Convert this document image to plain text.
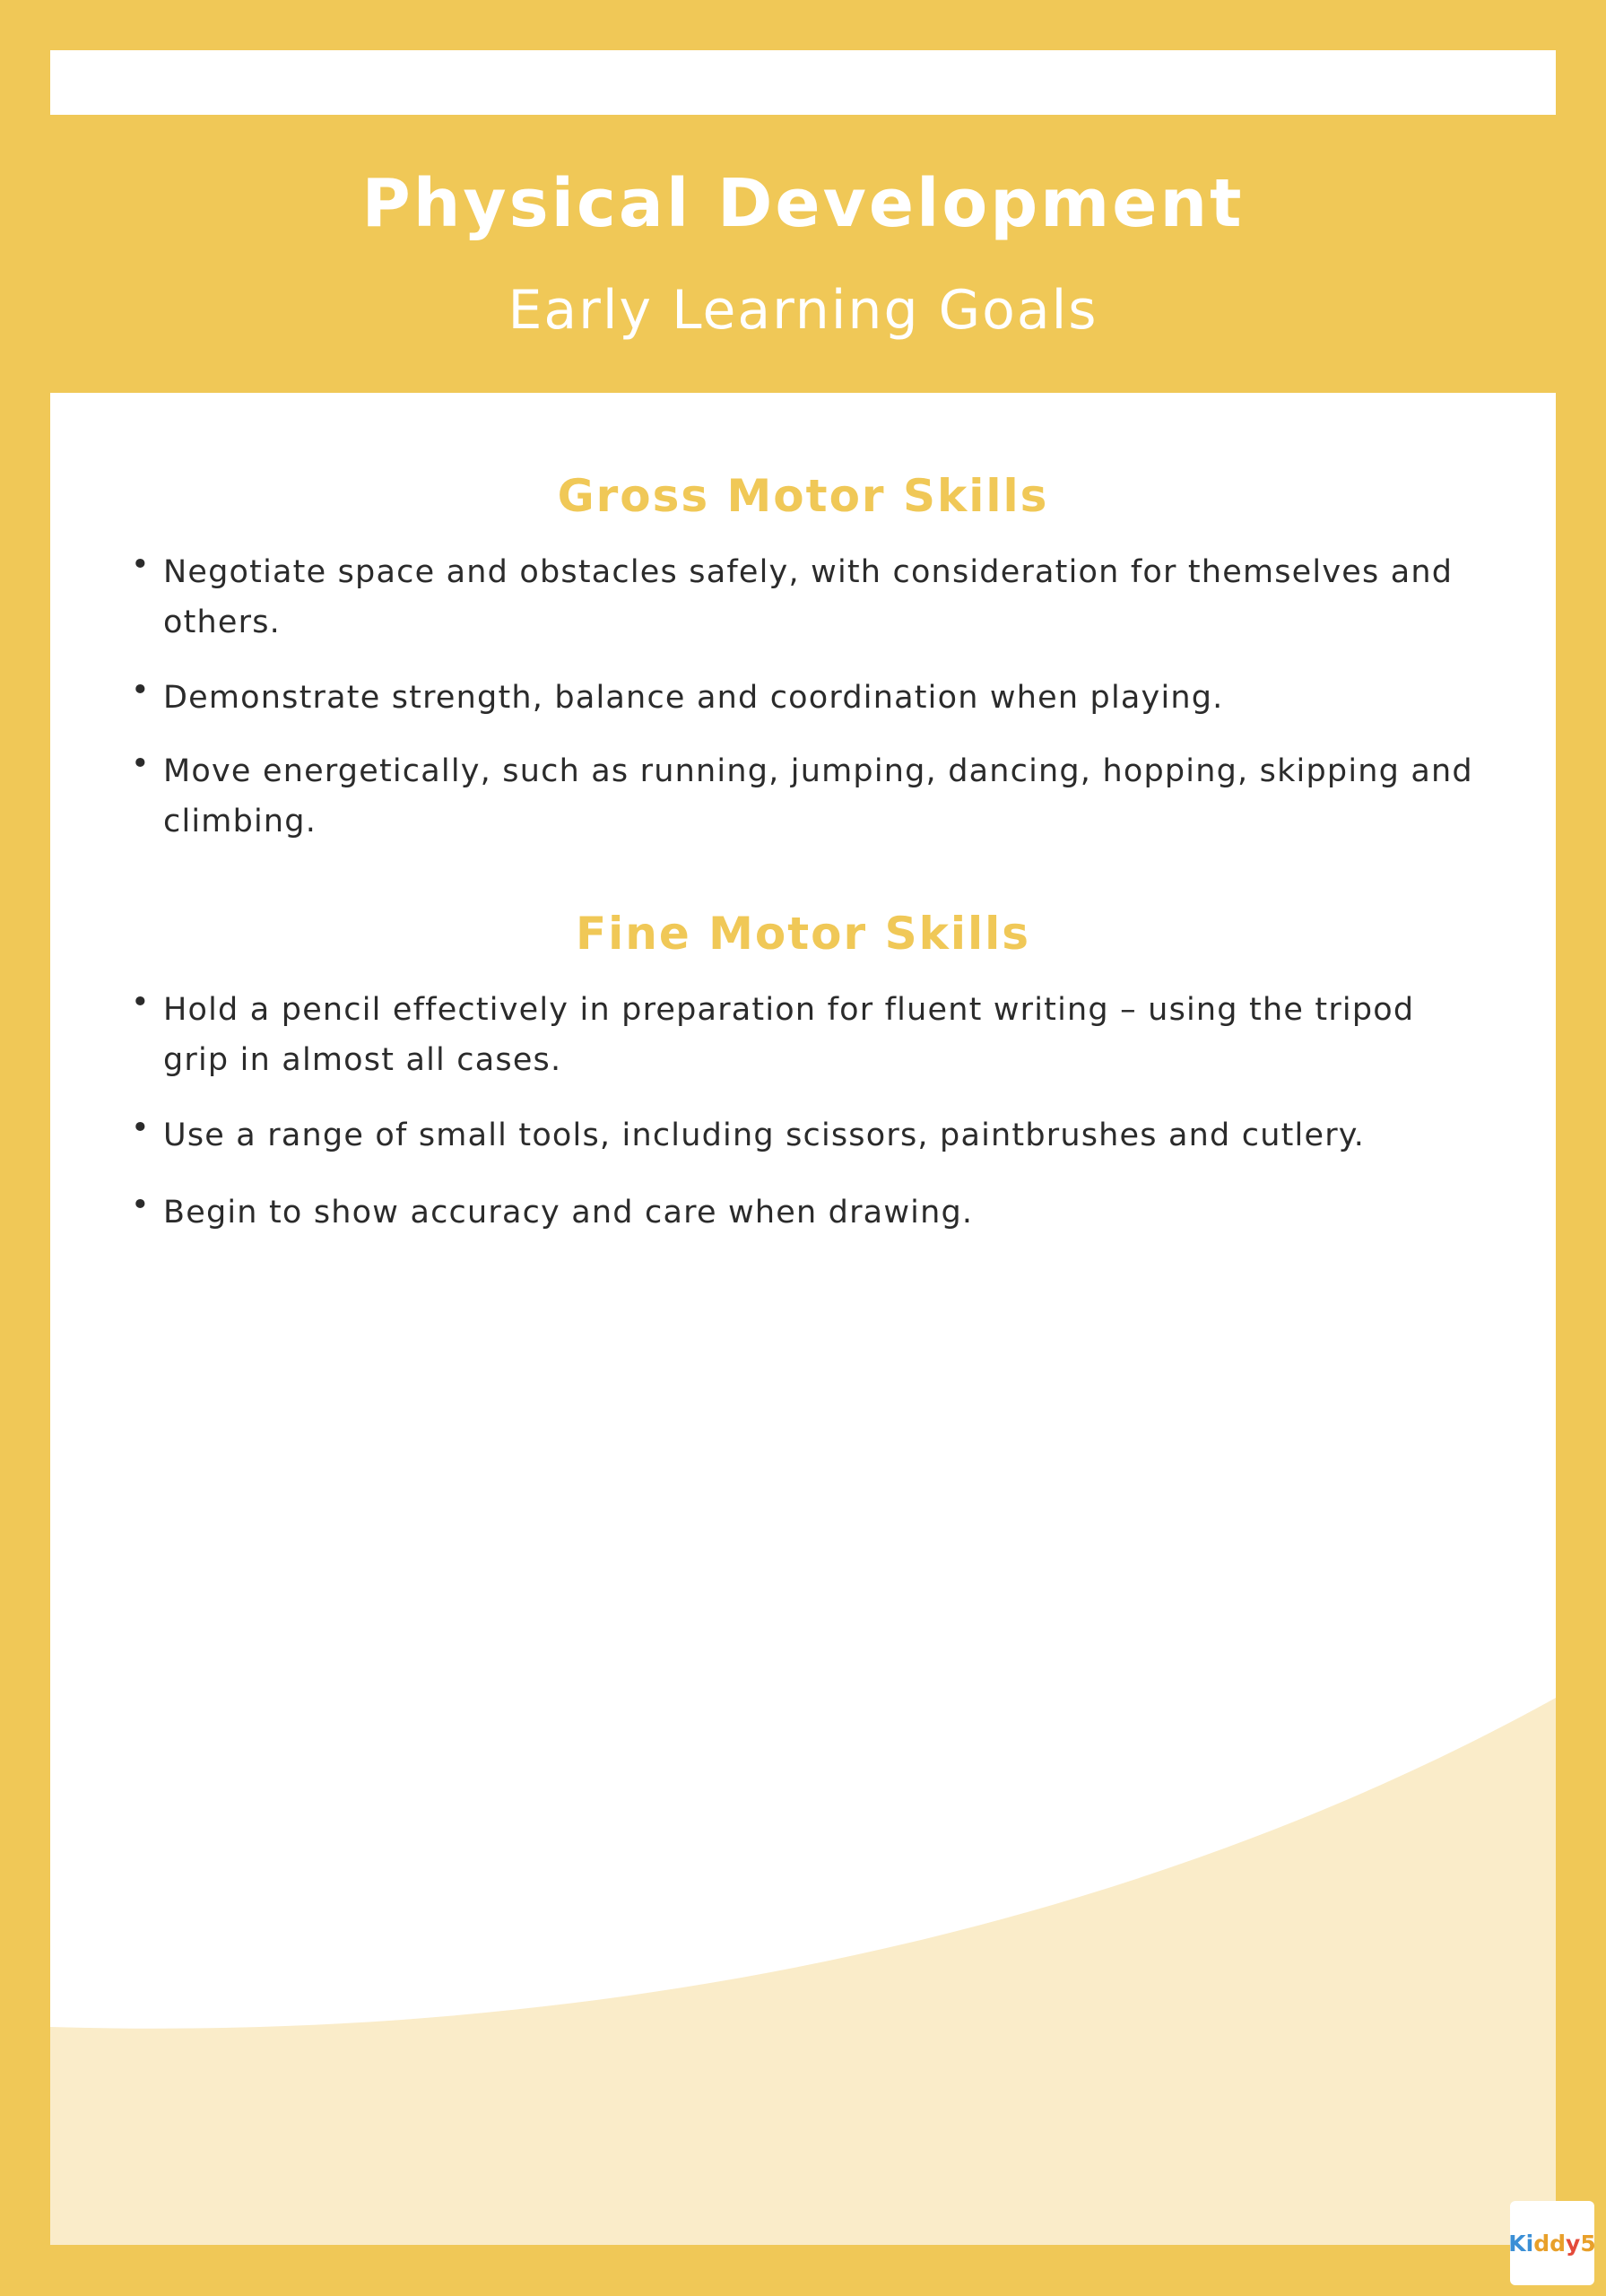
Physical Development
Early Learning Goals
Gross Motor Skills
• Negotiate space and obstacles safely, with consideration for themselves and others.
• Demonstrate strength, balance and coordination when playing.
• Move energetically, such as running, jumping, dancing, hopping, skipping and climbing.
Fine Motor Skills
• Hold a pencil effectively in preparation for fluent writing – using the tripod grip in almost all cases.
• Use a range of small tools, including scissors, paintbrushes and cutlery.
• Begin to show accuracy and care when drawing.
K i d d y 5
